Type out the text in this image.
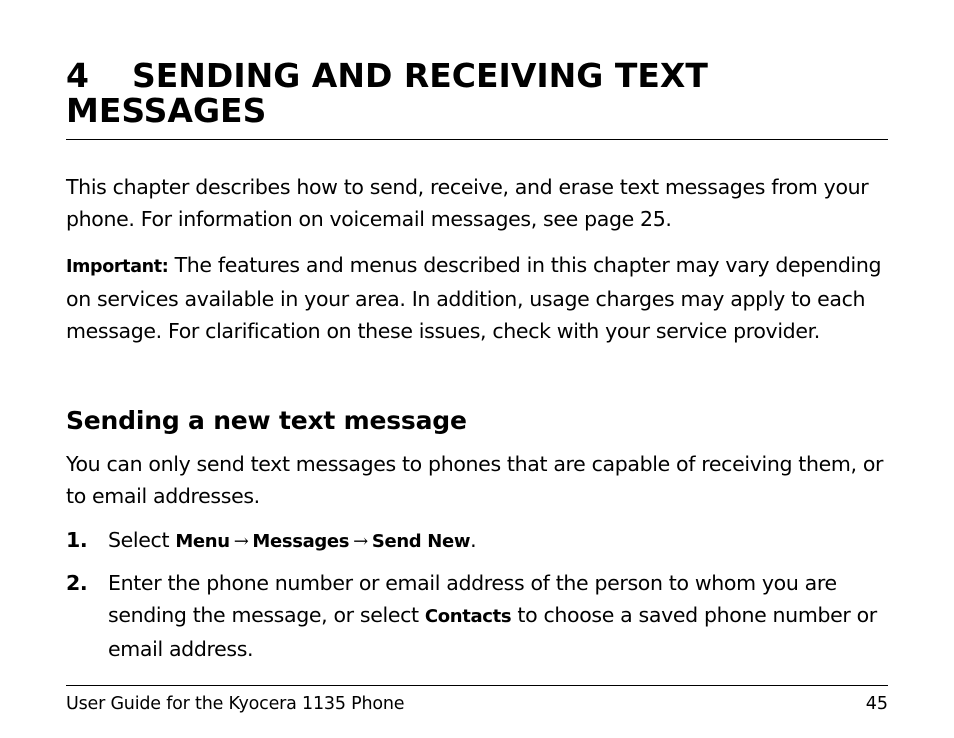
4 SENDING AND RECEIVING TEXT
MESSAGES

This chapter describes how to send, receive, and erase text messages from your phone. For information on voicemail messages, see page 25.

Important: The features and menus described in this chapter may vary depending on services available in your area. In addition, usage charges may apply to each message. For clarification on these issues, check with your service provider.

Sending a new text message

You can only send text messages to phones that are capable of receiving them, or to email addresses.

1. Select Menu → Messages → Send New.
2. Enter the phone number or email address of the person to whom you are sending the message, or select Contacts to choose a saved phone number or email address.
User Guide for the Kyocera 1135 Phone	45
